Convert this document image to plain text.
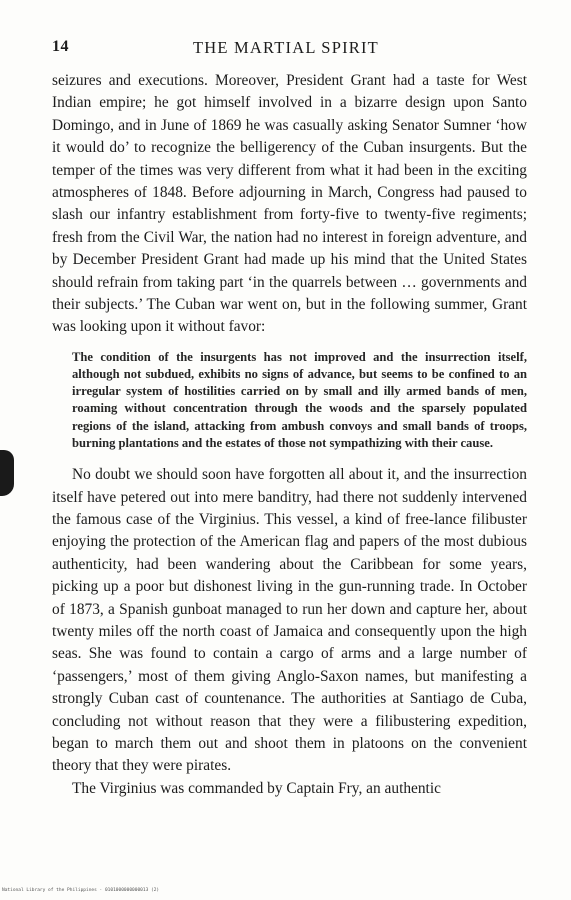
14	THE MARTIAL SPIRIT

seizures and executions. Moreover, President Grant had a taste for West Indian empire; he got himself involved in a bizarre design upon Santo Domingo, and in June of 1869 he was casually asking Senator Sumner ‘how it would do’ to recognize the belligerency of the Cuban insurgents. But the temper of the times was very different from what it had been in the exciting atmospheres of 1848. Before adjourning in March, Congress had paused to slash our infantry establishment from forty-five to twenty-five regiments; fresh from the Civil War, the nation had no interest in foreign adventure, and by December President Grant had made up his mind that the United States should refrain from taking part ‘in the quarrels between … governments and their subjects.’ The Cuban war went on, but in the following summer, Grant was looking upon it without favor:

The condition of the insurgents has not improved and the insurrection itself, although not subdued, exhibits no signs of advance, but seems to be confined to an irregular system of hostilities carried on by small and illy armed bands of men, roaming without concentration through the woods and the sparsely populated regions of the island, attacking from ambush convoys and small bands of troops, burning plantations and the estates of those not sympathizing with their cause.

No doubt we should soon have forgotten all about it, and the insurrection itself have petered out into mere banditry, had there not suddenly intervened the famous case of the Virginius. This vessel, a kind of free-lance filibuster enjoying the protection of the American flag and papers of the most dubious authenticity, had been wandering about the Caribbean for some years, picking up a poor but dishonest living in the gun-running trade. In October of 1873, a Spanish gunboat managed to run her down and capture her, about twenty miles off the north coast of Jamaica and consequently upon the high seas. She was found to contain a cargo of arms and a large number of ‘passengers,’ most of them giving Anglo-Saxon names, but manifesting a strongly Cuban cast of countenance. The authorities at Santiago de Cuba, concluding not without reason that they were a filibustering expedition, began to march them out and shoot them in platoons on the convenient theory that they were pirates.

The Virginius was commanded by Captain Fry, an authentic

National Library of the Philippines · 0101000000000013 (2)
